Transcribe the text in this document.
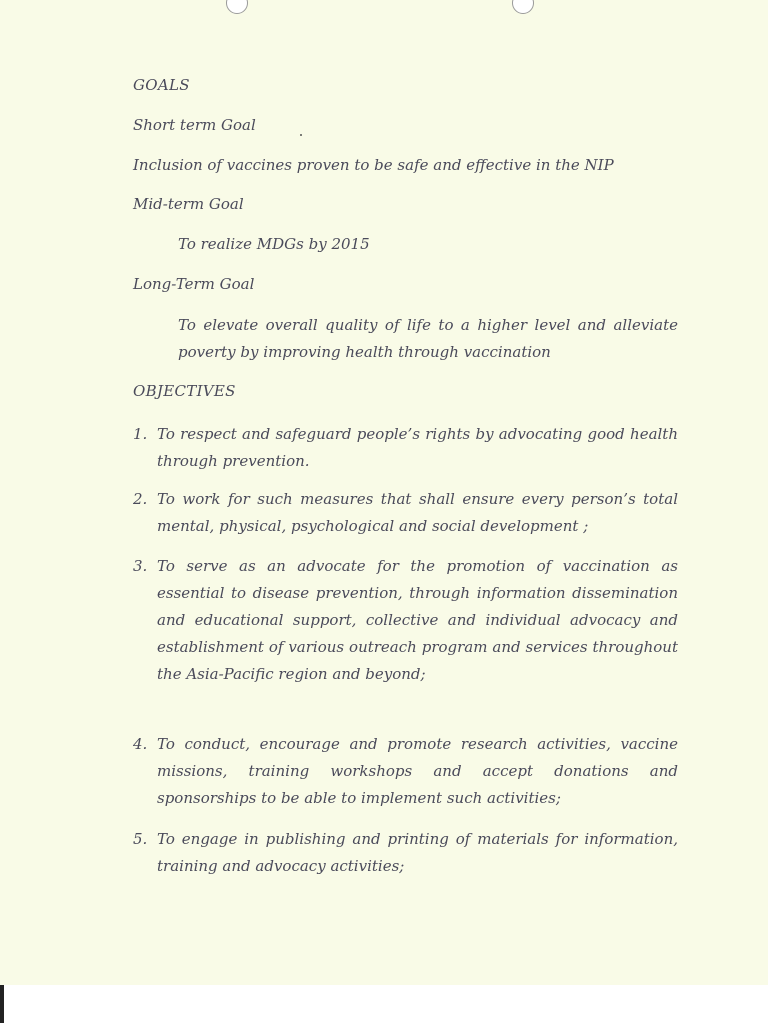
GOALS
Short term Goal
Inclusion of vaccines proven to be safe and effective in the NIP
Mid-term Goal
To realize MDGs by 2015
Long-Term Goal
To elevate overall quality of life to a higher level and alleviate poverty by improving health through vaccination
OBJECTIVES
1. To respect and safeguard people’s rights by advocating good health through prevention.
2. To work for such measures that shall ensure every person’s total mental, physical, psychological and social development ;
3. To serve as an advocate for the promotion of vaccination as essential to disease prevention, through information dissemination and educational support, collective and individual advocacy and establishment of various outreach program and services throughout the Asia-Pacific region and beyond;
4. To conduct, encourage and promote research activities, vaccine missions, training workshops and accept donations and sponsorships to be able to implement such activities;
5. To engage in publishing and printing of materials for information, training and advocacy activities;
